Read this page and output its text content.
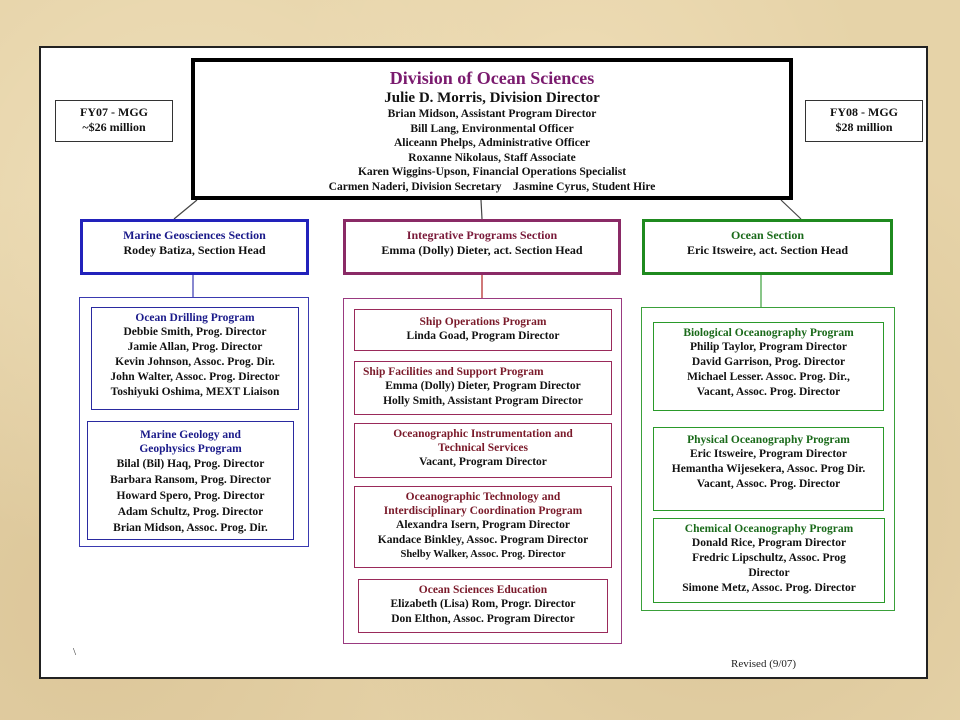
Division of Ocean Sciences
Julie D. Morris, Division Director
Brian Midson, Assistant Program Director
Bill Lang, Environmental Officer
Aliceann Phelps, Administrative Officer
Roxanne Nikolaus, Staff Associate
Karen Wiggins-Upson, Financial Operations Specialist
Carmen Naderi, Division Secretary    Jasmine Cyrus, Student Hire
FY07 - MGG
~$26 million
FY08 - MGG
$28 million
Marine Geosciences Section
Rodey Batiza, Section Head
Integrative Programs Section
Emma (Dolly) Dieter, act. Section Head
Ocean Section
Eric Itsweire, act. Section Head
Ocean Drilling Program
Debbie Smith, Prog. Director
Jamie Allan, Prog. Director
Kevin Johnson, Assoc. Prog. Dir.
John Walter, Assoc. Prog. Director
Toshiyuki Oshima, MEXT Liaison
Marine Geology and
Geophysics Program
Bilal (Bil) Haq, Prog. Director
Barbara Ransom, Prog. Director
Howard Spero, Prog. Director
Adam Schultz, Prog. Director
Brian Midson, Assoc. Prog. Dir.
Ship Operations Program
Linda Goad, Program Director
Ship Facilities and Support Program
Emma (Dolly) Dieter, Program Director
Holly Smith, Assistant Program Director
Oceanographic Instrumentation and
Technical Services
Vacant, Program Director
Oceanographic Technology and
Interdisciplinary Coordination Program
Alexandra Isern, Program Director
Kandace Binkley, Assoc. Program Director
Shelby Walker, Assoc. Prog. Director
Ocean Sciences Education
Elizabeth (Lisa) Rom, Progr. Director
Don Elthon, Assoc. Program Director
Biological Oceanography Program
Philip Taylor, Program Director
David Garrison, Prog. Director
Michael Lesser. Assoc. Prog. Dir.,
Vacant, Assoc. Prog. Director
Physical Oceanography Program
Eric Itsweire, Program Director
Hemantha Wijesekera, Assoc. Prog Dir.
Vacant, Assoc. Prog. Director
Chemical Oceanography Program
Donald Rice, Program Director
Fredric Lipschultz, Assoc. Prog
Director
Simone Metz, Assoc. Prog. Director
\
Revised (9/07)
